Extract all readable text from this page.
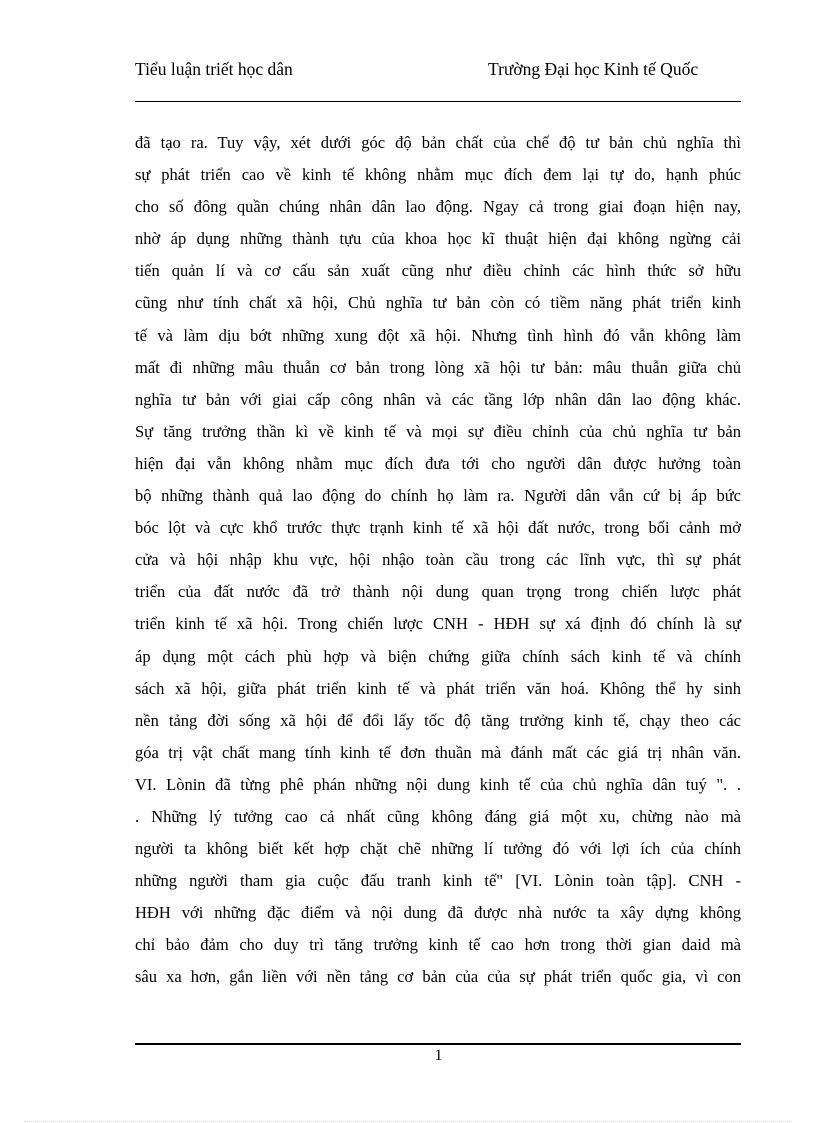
Tiểu luận triết học dân	Trường Đại học Kinh tế Quốc
đã tạo ra. Tuy vậy, xét dưới góc độ bản chất của chế độ tư bản chủ nghĩa thì
sự phát triển cao về kinh tế không nhằm mục đích đem lại tự do, hạnh phúc
cho số đông quần chúng nhân dân lao động. Ngay cả trong giai đoạn hiện nay,
nhờ áp dụng những thành tựu của khoa học kĩ thuật hiện đại không ngừng cải
tiến quản lí và cơ cấu sản xuất cũng như điều chỉnh các hình thức sở hữu
cũng như tính chất xã hội, Chủ nghĩa tư bản còn có tiềm năng phát triển kinh
tế và làm dịu bớt những xung đột xã hội. Nhưng tình hình đó vẫn không làm
mất đi những mâu thuẫn cơ bản trong lòng xã hội tư bản: mâu thuẫn giữa chủ
nghĩa tư bản với giai cấp công nhân và các tầng lớp nhân dân lao động khác.
Sự tăng trưởng thần kì về kinh tế và mọi sự điều chỉnh của chủ nghĩa tư bản
hiện đại vẫn không nhằm mục đích đưa tới cho người dân được hưởng toàn
bộ những thành quả lao động do chính họ làm ra. Người dân vẫn cứ bị áp bức
bóc lột và cực khổ trước thực trạnh kinh tế xã hội đất nước, trong bối cảnh mở
cửa và hội nhập khu vực, hội nhậo toàn cầu trong các lĩnh vực, thì sự phát
triển của đất nước đã trở thành nội dung quan trọng trong chiến lược phát
triển kinh tế xã hội. Trong chiến lược CNH - HĐH sự xá định đó chính là sự
áp dụng một cách phù hợp và biện chứng giữa chính sách kinh tế và chính
sách xã hội, giữa phát triển kinh tế và phát triển văn hoá. Không thể hy sinh
nền tảng đời sống xã hội để đổi lấy tốc độ tăng trưởng kinh tế, chạy theo các
góa trị vật chất mang tính kinh tế đơn thuần mà đánh mất các giá trị nhân văn.
VI. Lònin đã từng phê phán những nội dung kinh tế của chủ nghĩa dân tuý ". .
. Những lý tưởng cao cả nhất cũng không đáng giá một xu, chừng nào mà
người ta không biết kết hợp chặt chẽ những lí tưởng đó với lợi ích của chính
những người tham gia cuộc đấu tranh kinh tế" [VI. Lònin toàn tập]. CNH -
HĐH với những đặc điểm và nội dung đã được nhà nước ta xây dựng không
chỉ bảo đảm cho duy trì tăng trưởng kinh tế cao hơn trong thời gian daid mà
sâu xa hơn, gắn liền với nền tảng cơ bản của của sự phát triển quốc gia, vì con
1
